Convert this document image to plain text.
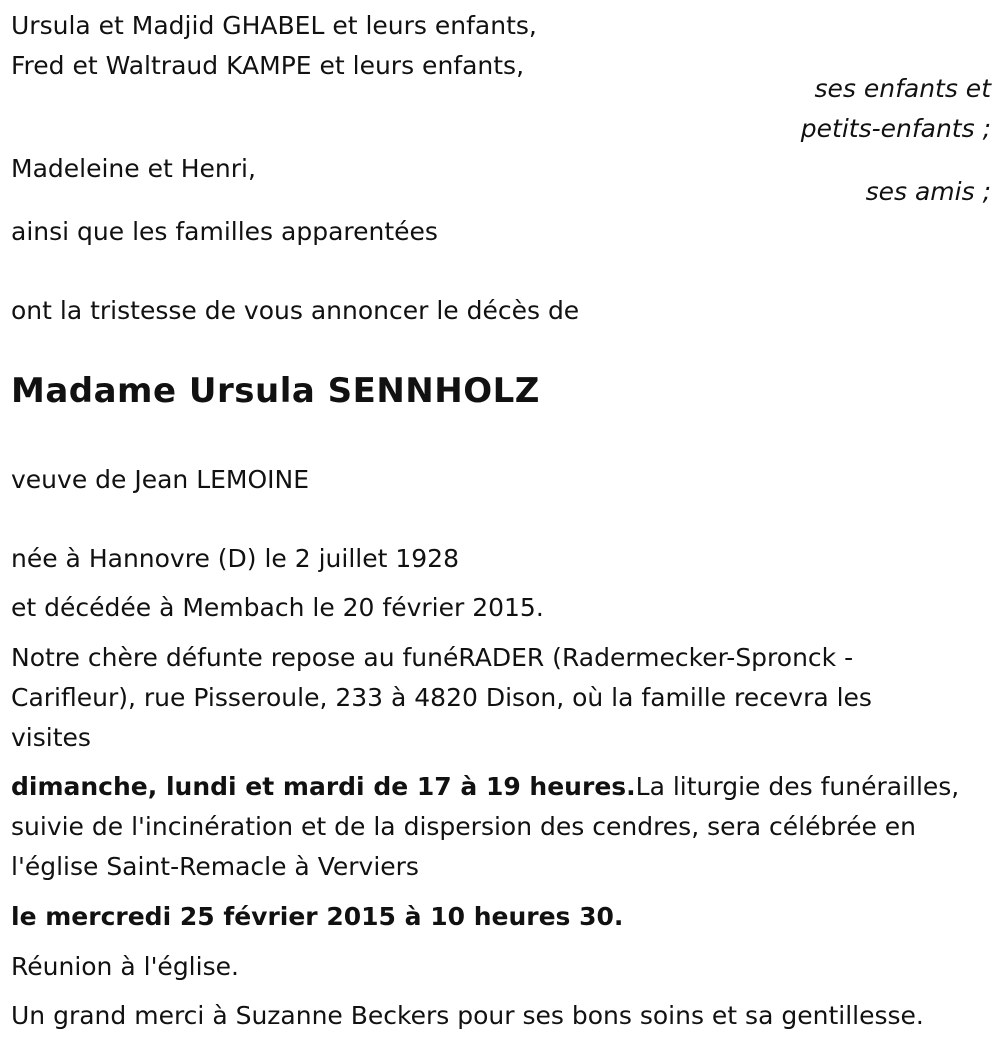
Ursula et Madjid GHABEL et leurs enfants,
Fred et Waltraud KAMPE et leurs enfants,
ses enfants et
petits-enfants ;
Madeleine et Henri,
ses amis ;
ainsi que les familles apparentées
ont la tristesse de vous annoncer le décès de
Madame Ursula SENNHOLZ
veuve de Jean LEMOINE
née à Hannovre (D) le 2 juillet 1928
et décédée à Membach le 20 février 2015.
Notre chère défunte repose au funéRADER (Radermecker-Spronck -
Carifleur), rue Pisseroule, 233 à 4820 Dison, où la famille recevra les
visites
dimanche, lundi et mardi de 17 à 19 heures.La liturgie des funérailles,
suivie de l'incinération et de la dispersion des cendres, sera célébrée en
l'église Saint-Remacle à Verviers
le mercredi 25 février 2015 à 10 heures 30.
Réunion à l'église.
Un grand merci à Suzanne Beckers pour ses bons soins et sa gentillesse.
